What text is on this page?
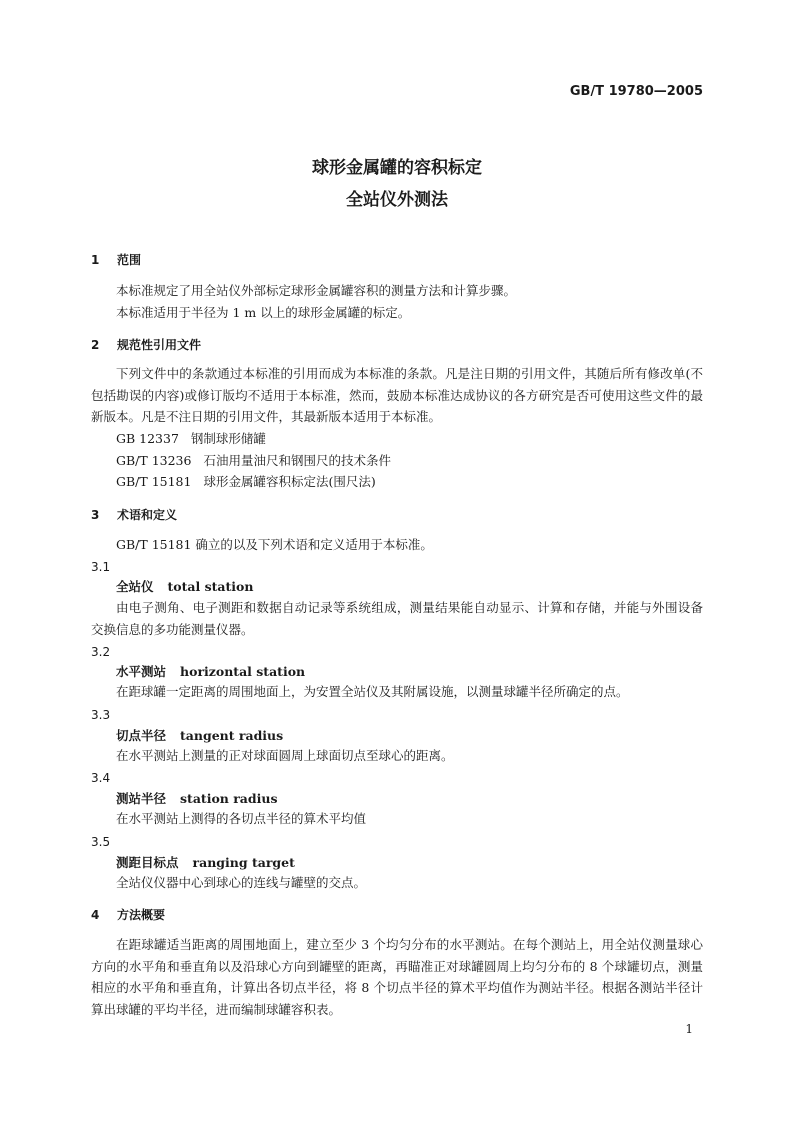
GB/T 19780—2005
球形金属罐的容积标定
全站仪外测法
1 范围
本标准规定了用全站仪外部标定球形金属罐容积的测量方法和计算步骤。
本标准适用于半径为 1 m 以上的球形金属罐的标定。
2 规范性引用文件
下列文件中的条款通过本标准的引用而成为本标准的条款。凡是注日期的引用文件，其随后所有修改单(不包括勘误的内容)或修订版均不适用于本标准，然而，鼓励本标准达成协议的各方研究是否可使用这些文件的最新版本。凡是不注日期的引用文件，其最新版本适用于本标准。
GB 12337 钢制球形储罐
GB/T 13236 石油用量油尺和钢围尺的技术条件
GB/T 15181 球形金属罐容积标定法(围尺法)
3 术语和定义
GB/T 15181 确立的以及下列术语和定义适用于本标准。
3.1
全站仪 total station
由电子测角、电子测距和数据自动记录等系统组成，测量结果能自动显示、计算和存储，并能与外围设备交换信息的多功能测量仪器。
3.2
水平测站 horizontal station
在距球罐一定距离的周围地面上，为安置全站仪及其附属设施，以测量球罐半径所确定的点。
3.3
切点半径 tangent radius
在水平测站上测量的正对球面圆周上球面切点至球心的距离。
3.4
测站半径 station radius
在水平测站上测得的各切点半径的算术平均值
3.5
测距目标点 ranging target
全站仪仪器中心到球心的连线与罐壁的交点。
4 方法概要
在距球罐适当距离的周围地面上，建立至少 3 个均匀分布的水平测站。在每个测站上，用全站仪测量球心方向的水平角和垂直角以及沿球心方向到罐壁的距离，再瞄准正对球罐圆周上均匀分布的 8 个球罐切点，测量相应的水平角和垂直角，计算出各切点半径，将 8 个切点半径的算术平均值作为测站半径。根据各测站半径计算出球罐的平均半径，进而编制球罐容积表。
1
